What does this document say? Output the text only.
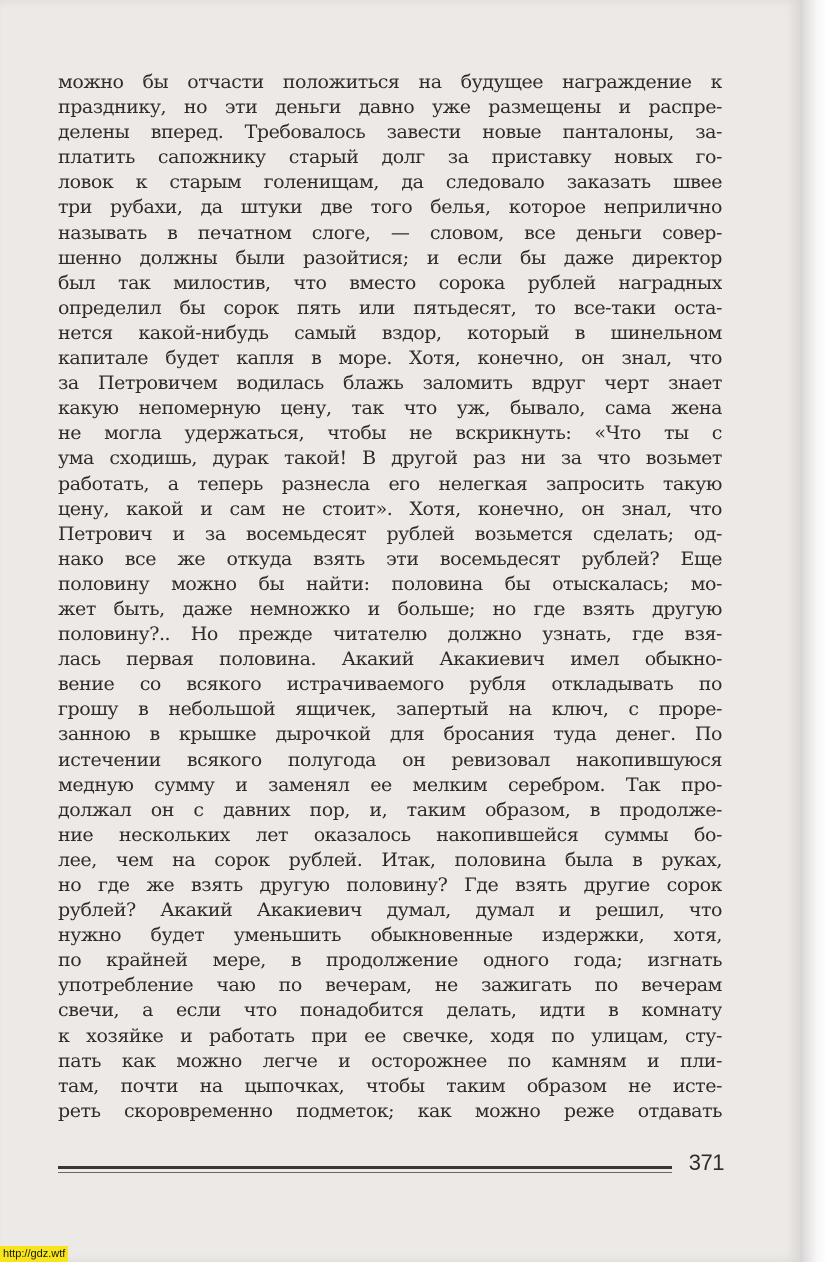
можно бы отчасти положиться на будущее награждение к
празднику, но эти деньги давно уже размещены и распре-
делены вперед. Требовалось завести новые панталоны, за-
платить сапожнику старый долг за приставку новых го-
ловок к старым голенищам, да следовало заказать швее
три рубахи, да штуки две того белья, которое неприлично
называть в печатном слоге, — словом, все деньги совер-
шенно должны были разойтися; и если бы даже директор
был так милостив, что вместо сорока рублей наградных
определил бы сорок пять или пятьдесят, то все-таки оста-
нется какой-нибудь самый вздор, который в шинельном
капитале будет капля в море. Хотя, конечно, он знал, что
за Петровичем водилась блажь заломить вдруг черт знает
какую непомерную цену, так что уж, бывало, сама жена
не могла удержаться, чтобы не вскрикнуть: «Что ты с
ума сходишь, дурак такой! В другой раз ни за что возьмет
работать, а теперь разнесла его нелегкая запросить такую
цену, какой и сам не стоит». Хотя, конечно, он знал, что
Петрович и за восемьдесят рублей возьмется сделать; од-
нако все же откуда взять эти восемьдесят рублей? Еще
половину можно бы найти: половина бы отыскалась; мо-
жет быть, даже немножко и больше; но где взять другую
половину?.. Но прежде читателю должно узнать, где взя-
лась первая половина. Акакий Акакиевич имел обыкно-
вение со всякого истрачиваемого рубля откладывать по
грошу в небольшой ящичек, запертый на ключ, с проре-
занною в крышке дырочкой для бросания туда денег. По
истечении всякого полугода он ревизовал накопившуюся
медную сумму и заменял ее мелким серебром. Так про-
должал он с давних пор, и, таким образом, в продолже-
ние нескольких лет оказалось накопившейся суммы бо-
лее, чем на сорок рублей. Итак, половина была в руках,
но где же взять другую половину? Где взять другие сорок
рублей? Акакий Акакиевич думал, думал и решил, что
нужно будет уменьшить обыкновенные издержки, хотя,
по крайней мере, в продолжение одного года; изгнать
употребление чаю по вечерам, не зажигать по вечерам
свечи, а если что понадобится делать, идти в комнату
к хозяйке и работать при ее свечке, ходя по улицам, сту-
пать как можно легче и осторожнее по камням и пли-
там, почти на цыпочках, чтобы таким образом не исте-
реть скоровременно подметок; как можно реже отдавать
371
http://gdz.wtf
